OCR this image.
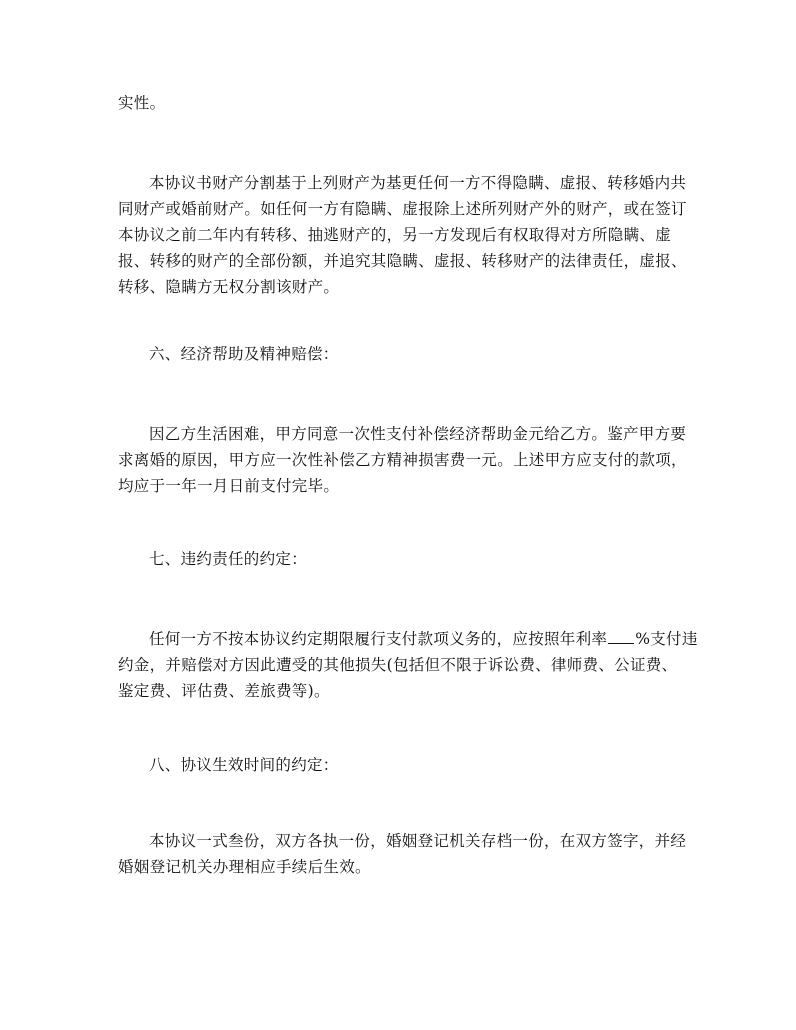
实性。

本协议书财产分割基于上列财产为基更任何一方不得隐瞒、虚报、转移婚内共
同财产或婚前财产。如任何一方有隐瞒、虚报除上述所列财产外的财产，或在签订
本协议之前二年内有转移、抽逃财产的，另一方发现后有权取得对方所隐瞒、虚
报、转移的财产的全部份额，并追究其隐瞒、虚报、转移财产的法律责任，虚报、
转移、隐瞒方无权分割该财产。

六、经济帮助及精神赔偿：

因乙方生活困难，甲方同意一次性支付补偿经济帮助金元给乙方。鉴产甲方要
求离婚的原因，甲方应一次性补偿乙方精神损害费一元。上述甲方应支付的款项，
均应于一年一月日前支付完毕。

七、违约责任的约定：

任何一方不按本协议约定期限履行支付款项义务的，应按照年利率 %支付违
约金，并赔偿对方因此遭受的其他损失(包括但不限于诉讼费、律师费、公证费、
鉴定费、评估费、差旅费等)。

八、协议生效时间的约定：

本协议一式叁份，双方各执一份，婚姻登记机关存档一份，在双方签字，并经
婚姻登记机关办理相应手续后生效。
